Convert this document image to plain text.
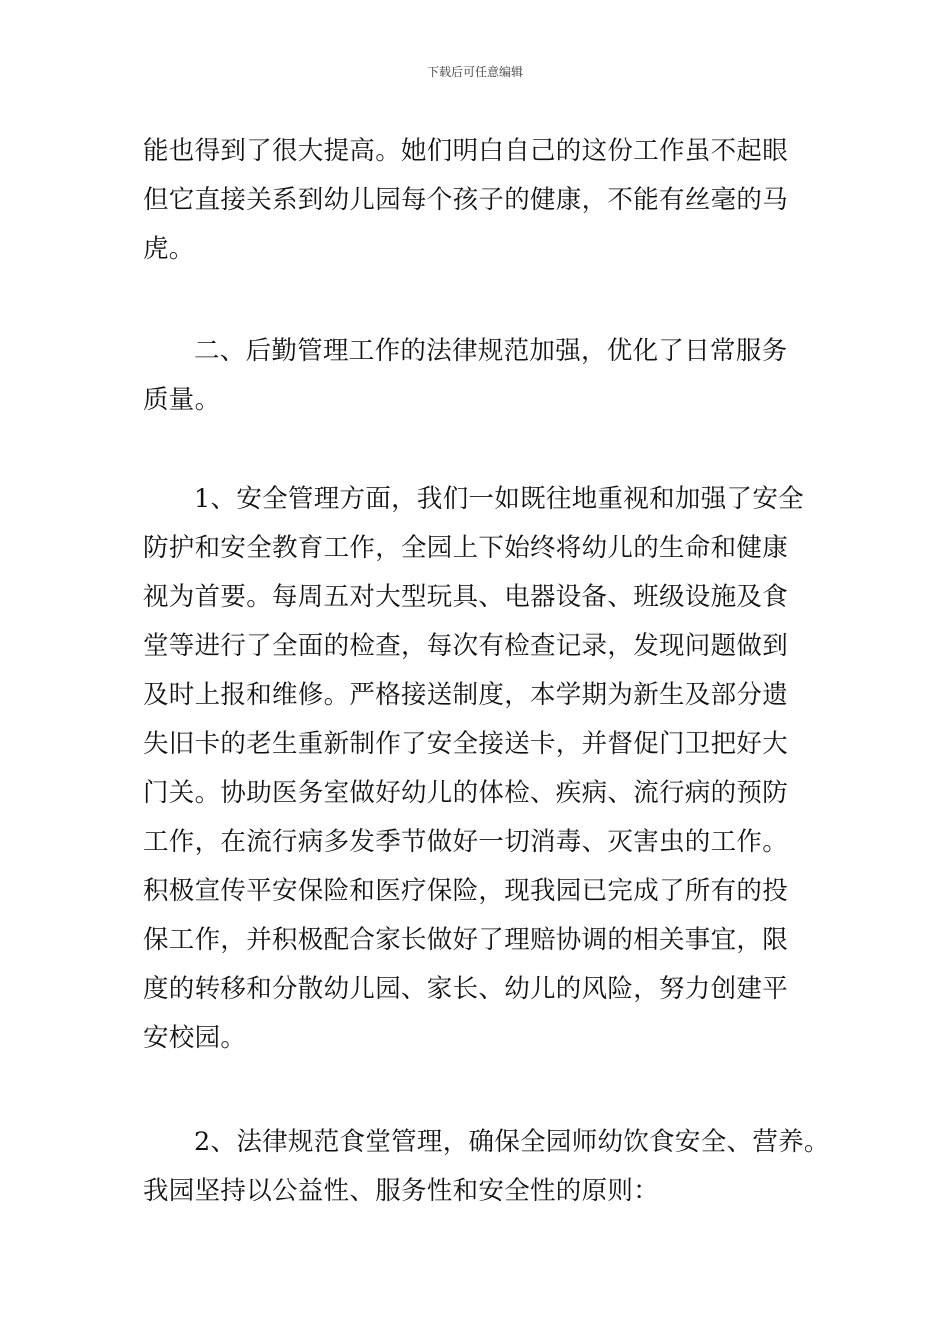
下载后可任意编辑
能也得到了很大提高。她们明白自己的这份工作虽不起眼
但它直接关系到幼儿园每个孩子的健康，不能有丝毫的马
虎。
二、后勤管理工作的法律规范加强，优化了日常服务
质量。
1、安全管理方面，我们一如既往地重视和加强了安全
防护和安全教育工作，全园上下始终将幼儿的生命和健康
视为首要。每周五对大型玩具、电器设备、班级设施及食
堂等进行了全面的检查，每次有检查记录，发现问题做到
及时上报和维修。严格接送制度，本学期为新生及部分遗
失旧卡的老生重新制作了安全接送卡，并督促门卫把好大
门关。协助医务室做好幼儿的体检、疾病、流行病的预防
工作，在流行病多发季节做好一切消毒、灭害虫的工作。
积极宣传平安保险和医疗保险，现我园已完成了所有的投
保工作，并积极配合家长做好了理赔协调的相关事宜，限
度的转移和分散幼儿园、家长、幼儿的风险，努力创建平
安校园。
2、法律规范食堂管理，确保全园师幼饮食安全、营养。
我园坚持以公益性、服务性和安全性的原则：
